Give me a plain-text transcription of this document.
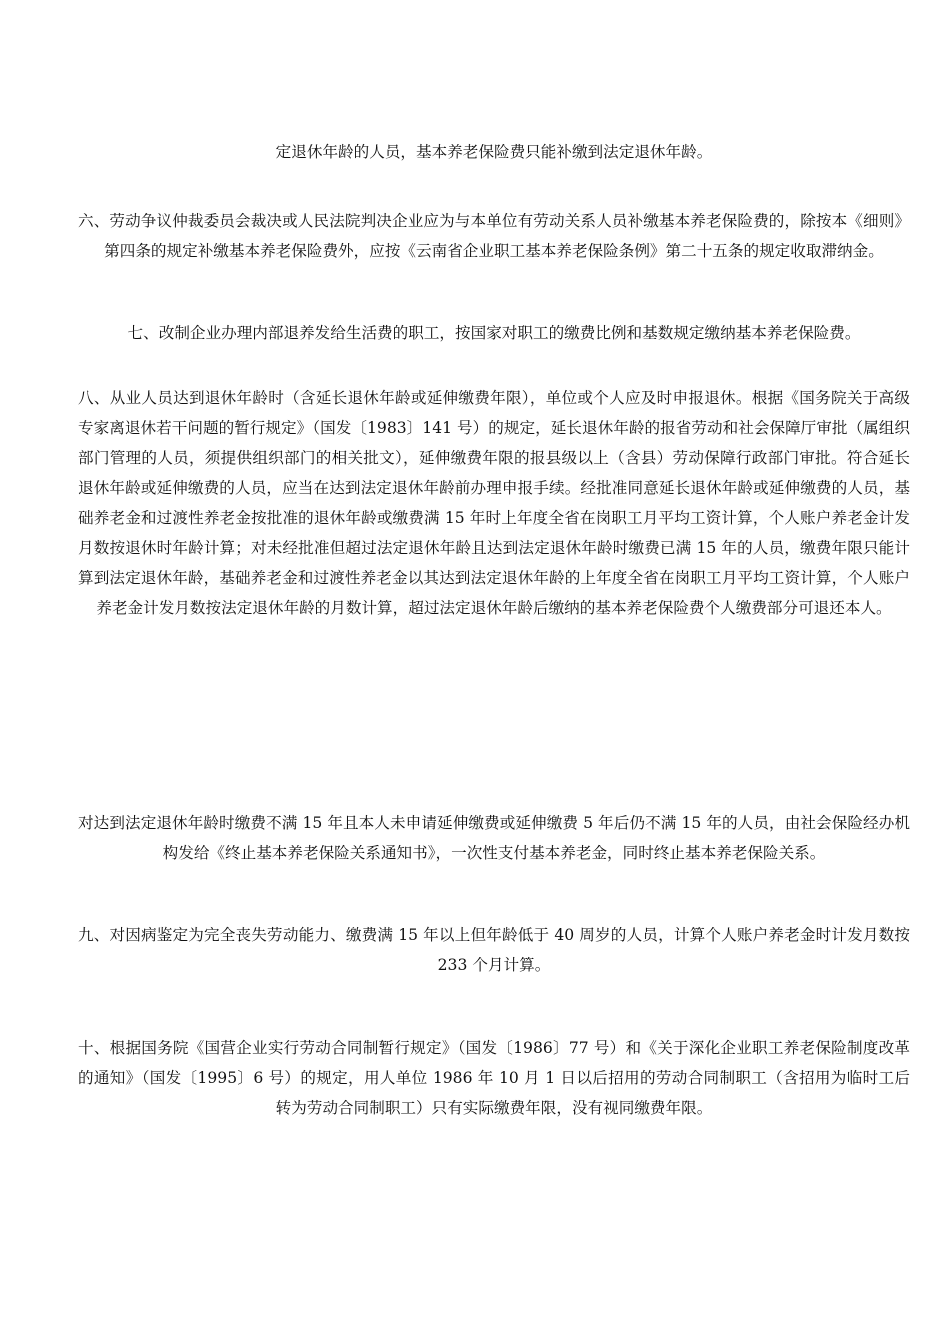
定退休年龄的人员，基本养老保险费只能补缴到法定退休年龄。

六、劳动争议仲裁委员会裁决或人民法院判决企业应为与本单位有劳动关系人员补缴基本养老保险费的，除按本《细则》第四条的规定补缴基本养老保险费外，应按《云南省企业职工基本养老保险条例》第二十五条的规定收取滞纳金。

七、改制企业办理内部退养发给生活费的职工，按国家对职工的缴费比例和基数规定缴纳基本养老保险费。

八、从业人员达到退休年龄时（含延长退休年龄或延伸缴费年限），单位或个人应及时申报退休。根据《国务院关于高级专家离退休若干问题的暂行规定》（国发〔1983〕141 号）的规定，延长退休年龄的报省劳动和社会保障厅审批（属组织部门管理的人员，须提供组织部门的相关批文），延伸缴费年限的报县级以上（含县）劳动保障行政部门审批。符合延长退休年龄或延伸缴费的人员，应当在达到法定退休年龄前办理申报手续。经批准同意延长退休年龄或延伸缴费的人员，基础养老金和过渡性养老金按批准的退休年龄或缴费满 15 年时上年度全省在岗职工月平均工资计算，个人账户养老金计发月数按退休时年龄计算；对未经批准但超过法定退休年龄且达到法定退休年龄时缴费已满 15 年的人员，缴费年限只能计算到法定退休年龄，基础养老金和过渡性养老金以其达到法定退休年龄的上年度全省在岗职工月平均工资计算，个人账户养老金计发月数按法定退休年龄的月数计算，超过法定退休年龄后缴纳的基本养老保险费个人缴费部分可退还本人。

对达到法定退休年龄时缴费不满 15 年且本人未申请延伸缴费或延伸缴费 5 年后仍不满 15 年的人员，由社会保险经办机构发给《终止基本养老保险关系通知书》，一次性支付基本养老金，同时终止基本养老保险关系。

九、对因病鉴定为完全丧失劳动能力、缴费满 15 年以上但年龄低于 40 周岁的人员，计算个人账户养老金时计发月数按 233 个月计算。

十、根据国务院《国营企业实行劳动合同制暂行规定》（国发〔1986〕77 号）和《关于深化企业职工养老保险制度改革的通知》（国发〔1995〕6 号）的规定，用人单位 1986 年 10 月 1 日以后招用的劳动合同制职工（含招用为临时工后转为劳动合同制职工）只有实际缴费年限，没有视同缴费年限。
